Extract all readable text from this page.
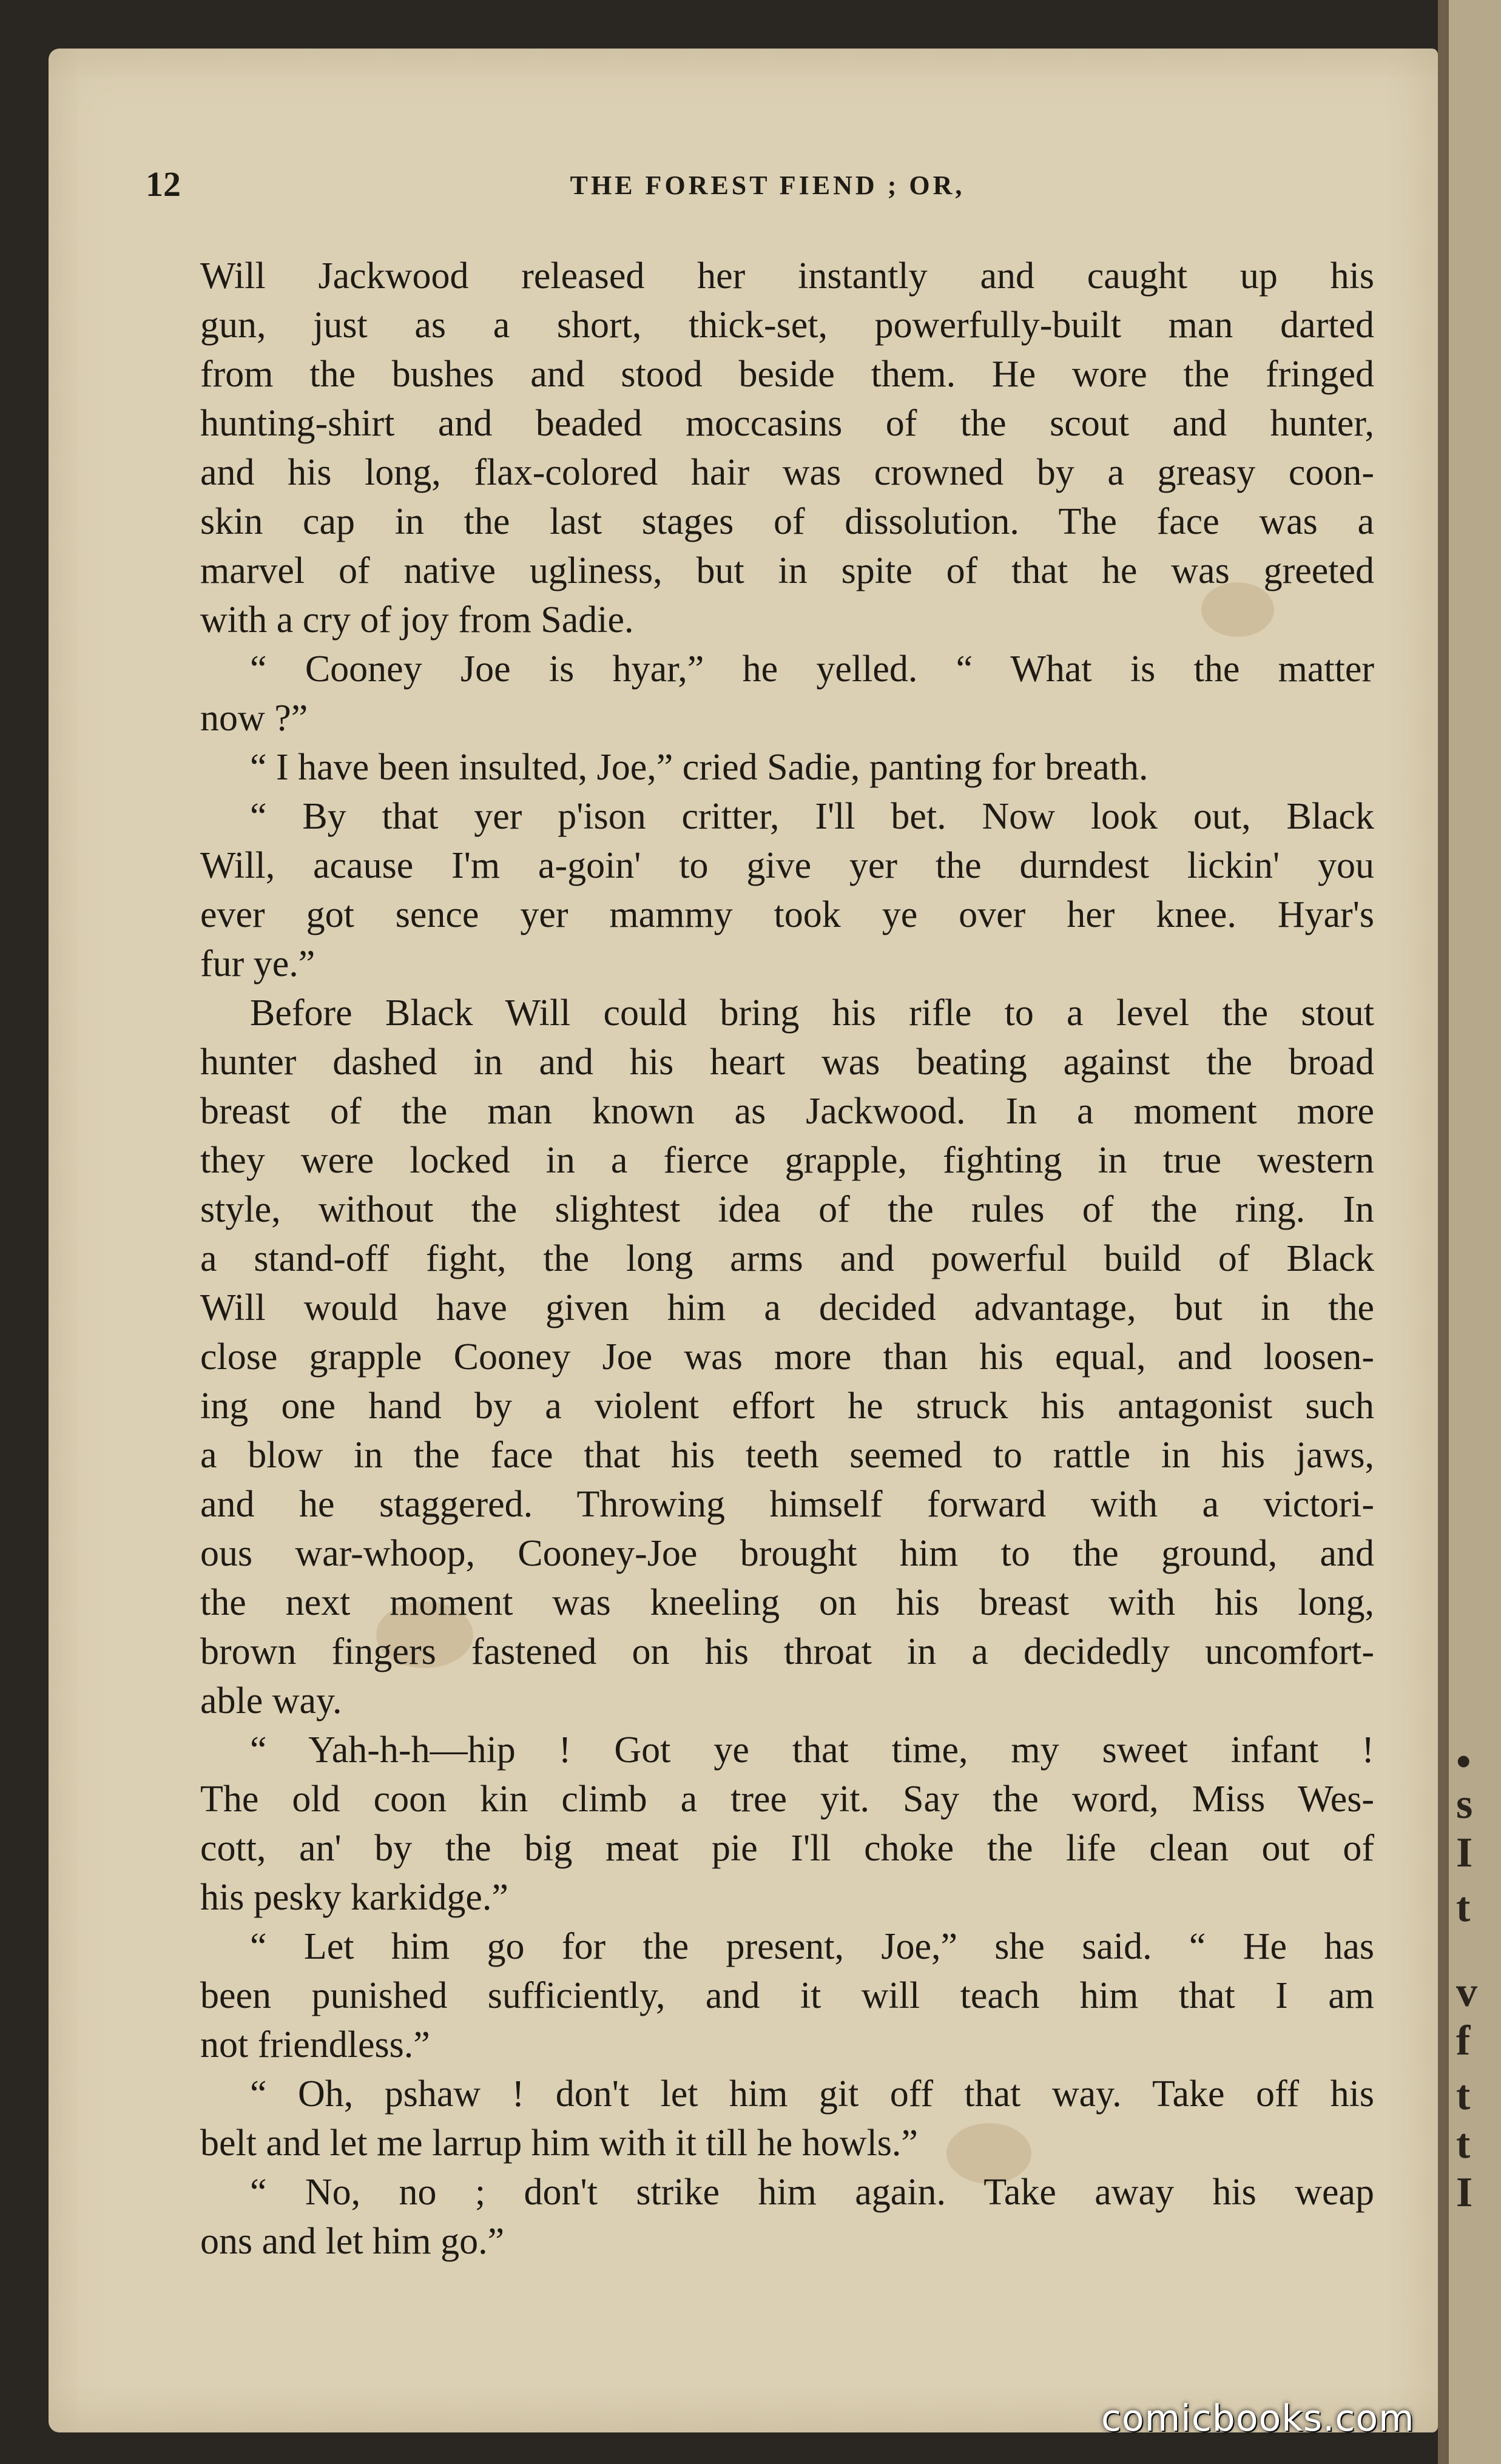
•
s
I
t
v
f
t
t
I
12	THE FOREST FIEND ; OR,
Will Jackwood released her instantly and caught up his
gun, just as a short, thick-set, powerfully-built man darted
from the bushes and stood beside them. He wore the fringed
hunting-shirt and beaded moccasins of the scout and hunter,
and his long, flax-colored hair was crowned by a greasy coon-
skin cap in the last stages of dissolution. The face was a
marvel of native ugliness, but in spite of that he was greeted
with a cry of joy from Sadie.
“ Cooney Joe is hyar,” he yelled. “ What is the matter
now ?”
“ I have been insulted, Joe,” cried Sadie, panting for breath.
“ By that yer p'ison critter, I'll bet. Now look out, Black
Will, acause I'm a-goin' to give yer the durndest lickin' you
ever got sence yer mammy took ye over her knee. Hyar's
fur ye.”
Before Black Will could bring his rifle to a level the stout
hunter dashed in and his heart was beating against the broad
breast of the man known as Jackwood. In a moment more
they were locked in a fierce grapple, fighting in true western
style, without the slightest idea of the rules of the ring. In
a stand-off fight, the long arms and powerful build of Black
Will would have given him a decided advantage, but in the
close grapple Cooney Joe was more than his equal, and loosen-
ing one hand by a violent effort he struck his antagonist such
a blow in the face that his teeth seemed to rattle in his jaws,
and he staggered. Throwing himself forward with a victori-
ous war-whoop, Cooney-Joe brought him to the ground, and
the next moment was kneeling on his breast with his long,
brown fingers fastened on his throat in a decidedly uncomfort-
able way.
“ Yah-h-h—hip ! Got ye that time, my sweet infant !
The old coon kin climb a tree yit. Say the word, Miss Wes-
cott, an' by the big meat pie I'll choke the life clean out of
his pesky karkidge.”
“ Let him go for the present, Joe,” she said. “ He has
been punished sufficiently, and it will teach him that I am
not friendless.”
“ Oh, pshaw ! don't let him git off that way. Take off his
belt and let me larrup him with it till he howls.”
“ No, no ; don't strike him again. Take away his weap
ons and let him go.”
comicbooks.com
